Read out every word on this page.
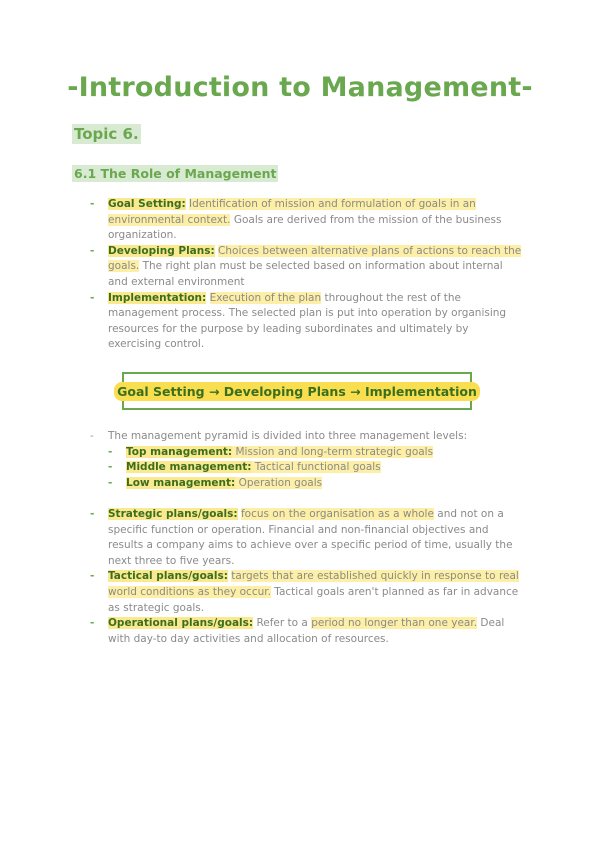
-Introduction to Management-
Topic 6.
6.1 The Role of Management

- Goal Setting: Identification of mission and formulation of goals in an environmental context. Goals are derived from the mission of the business organization.

- Developing Plans: Choices between alternative plans of actions to reach the goals. The right plan must be selected based on information about internal and external environment

- Implementation: Execution of the plan throughout the rest of the management process. The selected plan is put into operation by organising resources for the purpose by leading subordinates and ultimately by exercising control.

Goal Setting → Developing Plans → Implementation

- The management pyramid is divided into three management levels:

- Top management: Mission and long-term strategic goals

- Middle management: Tactical functional goals

- Low management: Operation goals

- Strategic plans/goals: focus on the organisation as a whole and not on a specific function or operation. Financial and non-financial objectives and results a company aims to achieve over a specific period of time, usually the next three to five years.

- Tactical plans/goals: targets that are established quickly in response to real world conditions as they occur. Tactical goals aren't planned as far in advance as strategic goals.

- Operational plans/goals: Refer to a period no longer than one year. Deal with day-to day activities and allocation of resources.
